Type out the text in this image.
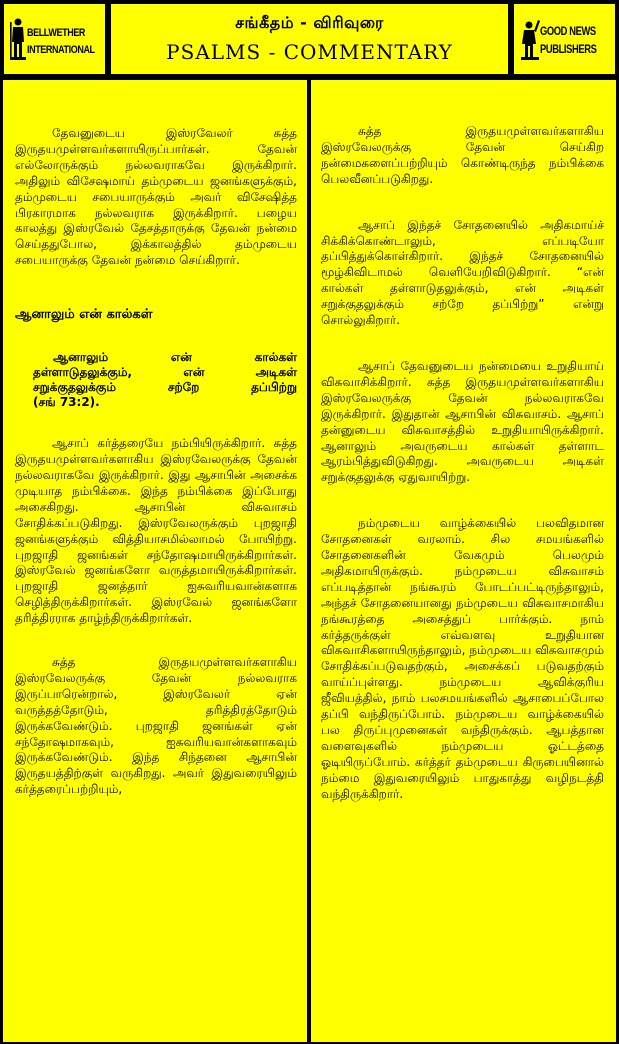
BELLWETHER
INTERNATIONAL
சங்கீதம் - விரிவுரை
PSALMS - COMMENTARY
GOOD NEWS
PUBLISHERS

தேவனுடைய இஸ்ரவேலர் சுத்த இருதயமுள்ளவர்களாயிருப்பார்கள். தேவன் எல்லோருக்கும் நல்லவராகவே இருக்கிறார். அதிலும் விசேஷமாய் தம்முடைய ஜனங்களுக்கும், தம்முடைய சபையாருக்கும் அவர் விசேஷித்த பிரகாரமாக நல்லவராக இருக்கிறார். பழைய காலத்து இஸ்ரவேல் தேசத்தாருக்கு தேவன் நன்மை செய்ததுபோல, இக்காலத்தில் தம்முடைய சபையாருக்கு தேவன் நன்மை செய்கிறார்.

ஆனாலும் என் கால்கள்
ஆனாலும் என் கால்கள்
தள்ளாடுதலுக்கும், என் அடிகள்
சறுக்குதலுக்கும் சற்றே தப்பிற்று
(சங் 73:2).

ஆசாப் கர்த்தரையே நம்பியிருக்கிறார். சுத்த இருதயமுள்ளவர்களாகிய இஸ்ரவேலருக்கு தேவன் நல்லவராகவே இருக்கிறார். இது ஆசாபின் அசைக்க முடியாத நம்பிக்கை. இந்த நம்பிக்கை இப்போது அசைகிறது. ஆசாபின் விசுவாசம் சோதிக்கப்படுகிறது. இஸ்ரவேலருக்கும் புறஜாதி ஜனங்களுக்கும் வித்தியாசமில்லாமல் போயிற்று. புறஜாதி ஜனங்கள் சந்தோஷமாயிருக்கிறார்கள். இஸ்ரவேல் ஜனங்களோ வருத்தமாயிருக்கிறார்கள். புறஜாதி ஜனத்தார் ஐசுவரியவான்களாக செழித்திருக்கிறார்கள். இஸ்ரவேல் ஜனங்களோ தரித்திரராக தாழ்ந்திருக்கிறார்கள்.

சுத்த இருதயமுள்ளவர்களாகிய இஸ்ரவேலருக்கு தேவன் நல்லவராக இருப்பாரென்றால், இஸ்ரவேலர் ஏன் வருத்தத்தோடும், தரித்திரத்தோடும் இருக்கவேண்டும். புறஜாதி ஜனங்கள் ஏன் சந்தோஷமாகவும், ஐசுவரியவான்களாகவும் இருக்கவேண்டும். இந்த சிந்தனை ஆசாபின் இருதயத்திற்குள் வருகிறது. அவர் இதுவரையிலும் கர்த்தரைப்பற்றியும்,

சுத்த இருதயமுள்ளவர்களாகிய இஸ்ரவேலருக்கு தேவன் செய்கிற நன்மைகளைப்பற்றியும் கொண்டிருந்த நம்பிக்கை பெலவீனப்படுகிறது.

ஆசாப் இந்தச் சோதனையில் அதிகமாய்ச் சிக்கிக்கொண்டாலும், எப்படியோ தப்பித்துக்கொள்கிறார். இந்தச் சோதனையில் மூழ்கிவிடாமல் வெளியேறிவிடுகிறார். “என் கால்கள் தள்ளாடுதலுக்கும், என் அடிகள் சறுக்குதலுக்கும் சற்றே தப்பிற்று” என்று சொல்லுகிறார்.

ஆசாப் தேவனுடைய நன்மையை உறுதியாய் விசுவாசிக்கிறார். சுத்த இருதயமுள்ளவர்களாகிய இஸ்ரவேலருக்கு தேவன் நல்லவராகவே இருக்கிறார். இதுதான் ஆசாபின் விசுவாசம். ஆசாப் தன்னுடைய விசுவாசத்தில் உறுதியாயிருக்கிறார். ஆனாலும் அவருடைய கால்கள் தள்ளாட ஆரம்பித்துவிடுகிறது. அவருடைய அடிகள் சறுக்குதலுக்கு ஏதுவாயிற்று.

நம்முடைய வாழ்க்கையில் பலவிதமான சோதனைகள் வரலாம். சில சமயங்களில் சோதனைகளின் வேகமும் பெலமும் அதிகமாயிருக்கும். நம்முடைய விசுவாசம் எப்படித்தான் நங்கூரம் போடப்பட்டிருந்தாலும், அந்தச் சோதனையானது நம்முடைய விசுவாசமாகிய நங்கூரத்தை அசைத்துப் பார்க்கும். நாம் கர்த்தருக்குள் எவ்வளவு உறுதியான விசுவாசிகளாயிருந்தாலும், நம்முடைய விசுவாசமும் சோதிக்கப்படுவதற்கும், அசைக்கப் படுவதற்கும் வாய்ப்புள்ளது. நம்முடைய ஆவிக்குரிய ஜீவியத்தில், நாம் பலசமயங்களில் ஆசாபைப்போல தப்பி வந்திருப்போம். நம்முடைய வாழ்க்கையில் பல திருப்புமுனைகள் வந்திருக்கும். ஆபத்தான வளைவுகளில் நம்முடைய ஓட்டத்தை ஓடியிருப்போம். கர்த்தர் தம்முடைய கிருபையினால் நம்மை இதுவரையிலும் பாதுகாத்து வழிநடத்தி வந்திருக்கிறார்.
